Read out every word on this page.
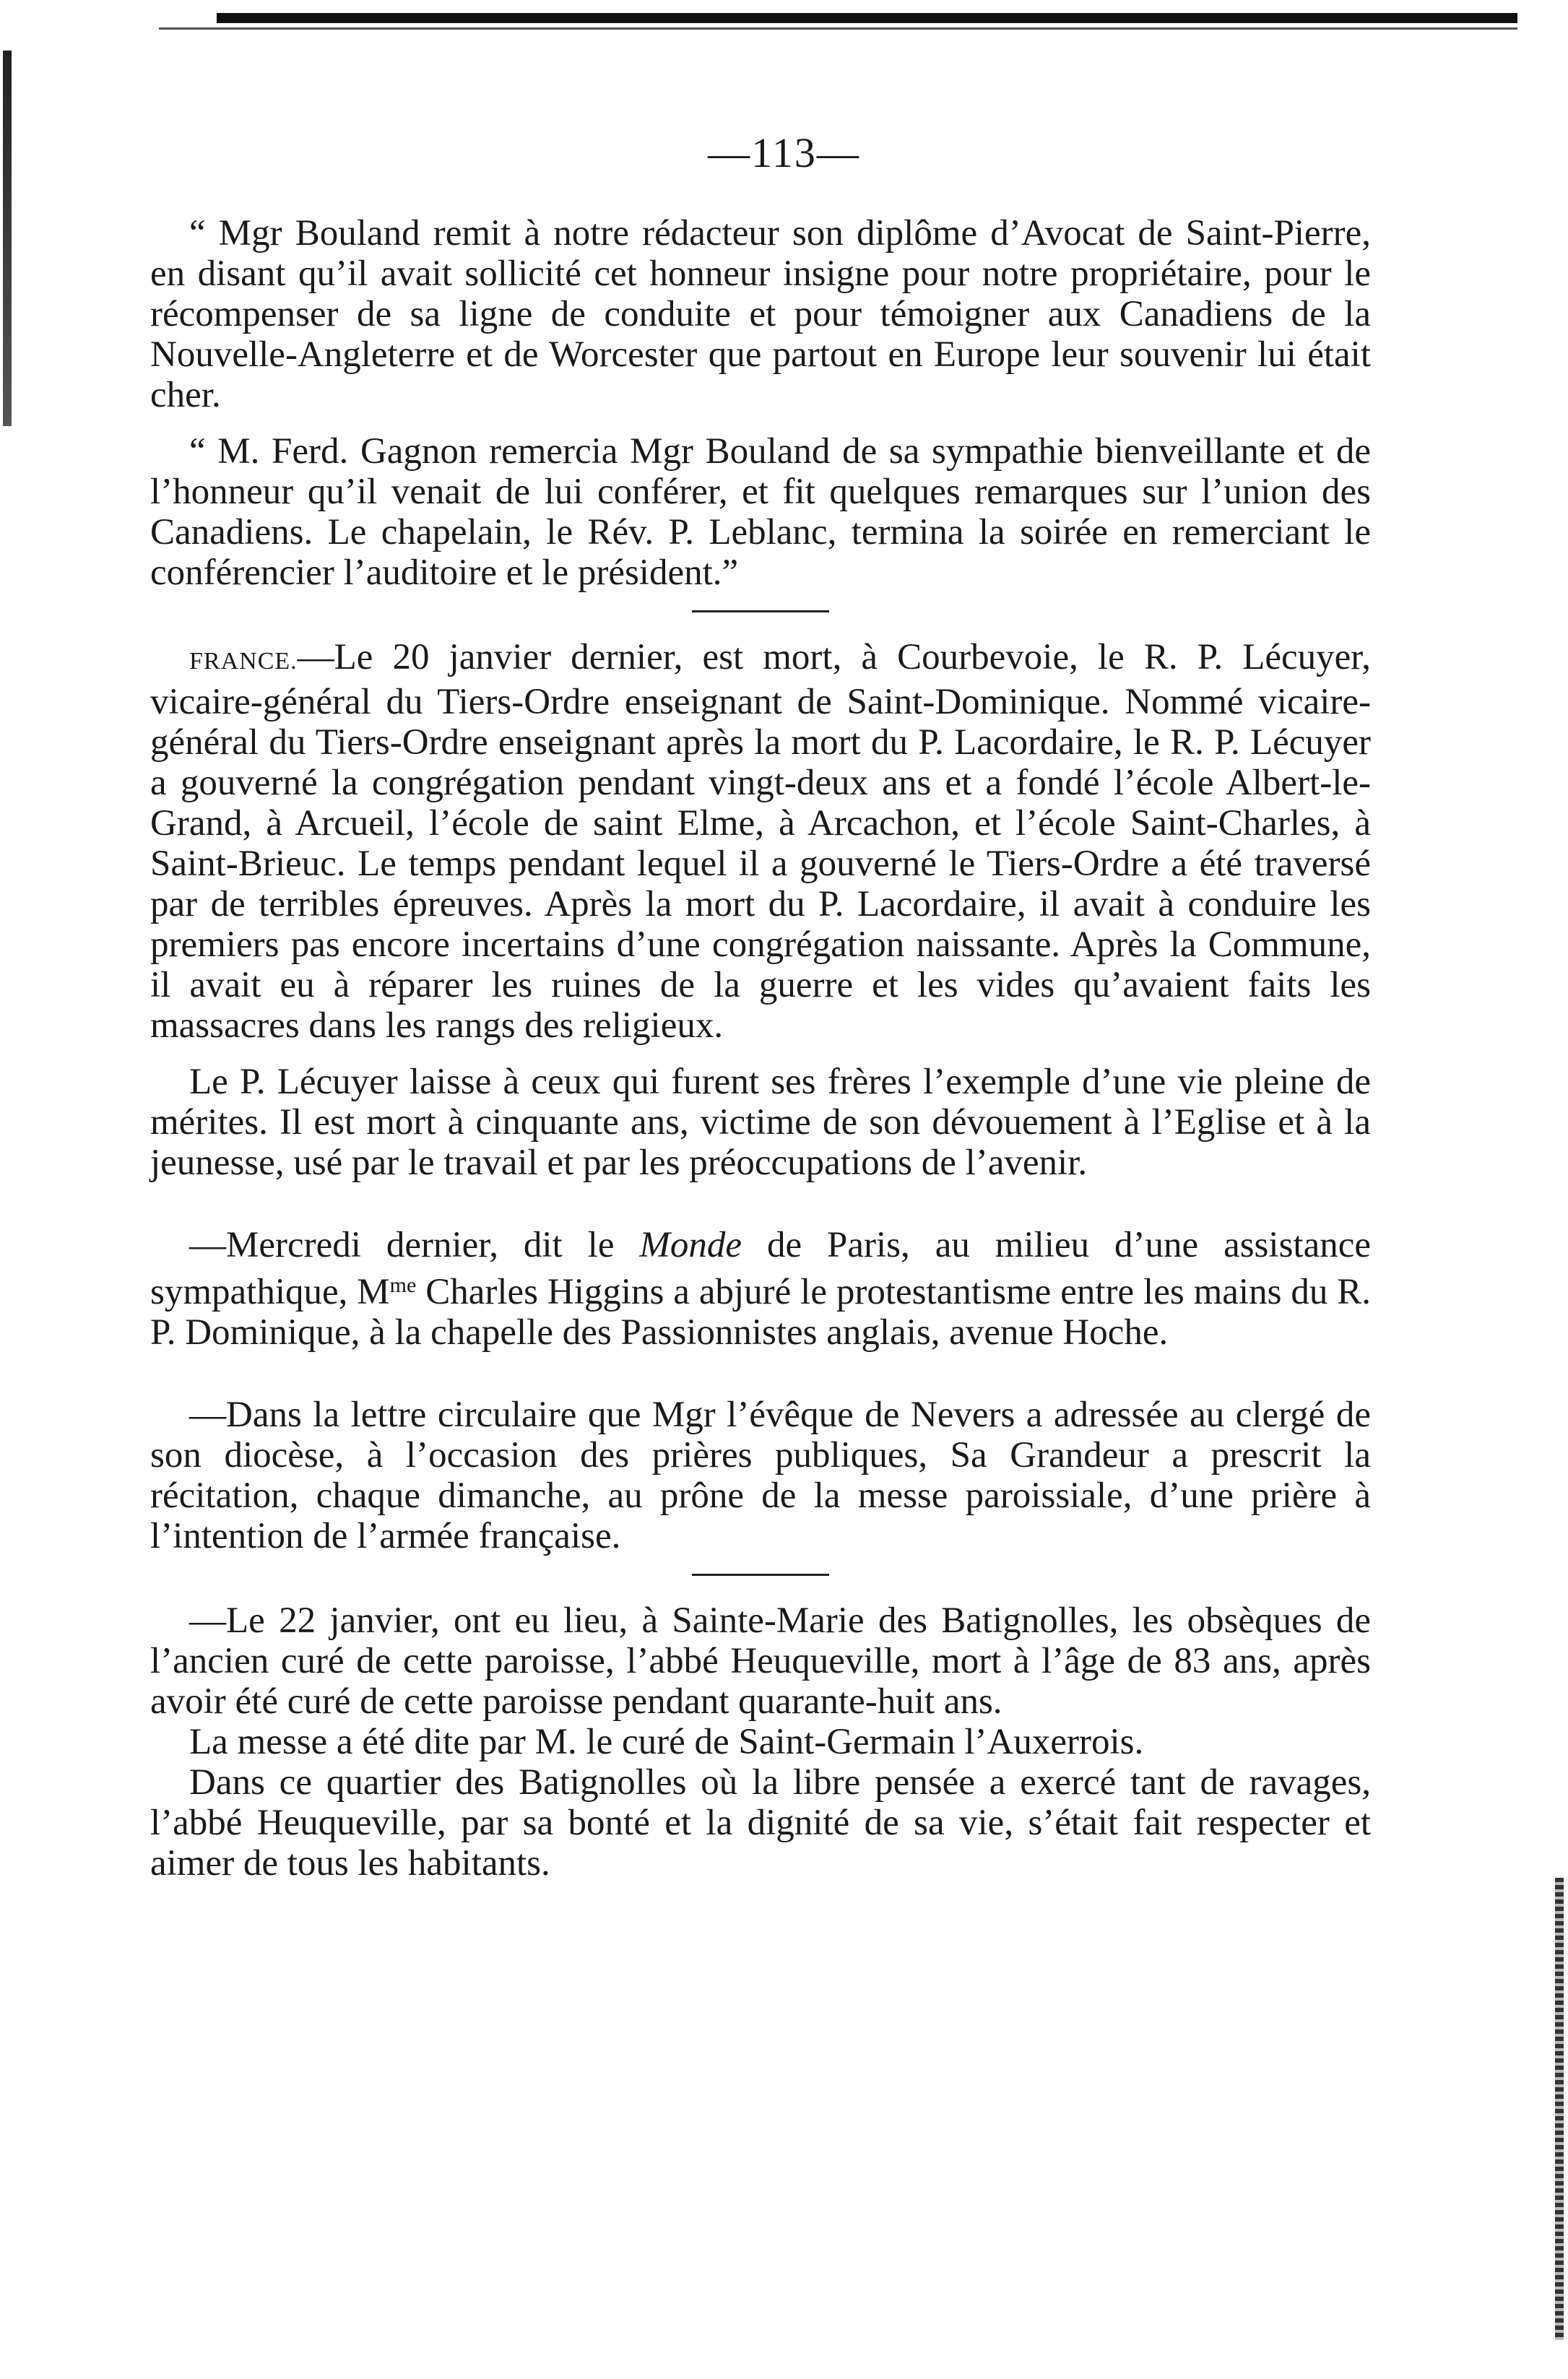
—113—

“ Mgr Bouland remit à notre rédacteur son diplôme d’Avocat de Saint-Pierre, en disant qu’il avait sollicité cet honneur insigne pour notre propriétaire, pour le récompenser de sa ligne de conduite et pour témoigner aux Canadiens de la Nouvelle-Angleterre et de Worcester que partout en Europe leur souvenir lui était cher.

“ M. Ferd. Gagnon remercia Mgr Bouland de sa sympathie bienveillante et de l’honneur qu’il venait de lui conférer, et fit quelques remarques sur l’union des Canadiens. Le chapelain, le Rév. P. Leblanc, termina la soirée en remerciant le conférencier l’auditoire et le président.”

FRANCE.—Le 20 janvier dernier, est mort, à Courbevoie, le R. P. Lécuyer, vicaire-général du Tiers-Ordre enseignant de Saint-Dominique. Nommé vicaire-général du Tiers-Ordre enseignant après la mort du P. Lacordaire, le R. P. Lécuyer a gouverné la congrégation pendant vingt-deux ans et a fondé l’école Albert-le-Grand, à Arcueil, l’école de saint Elme, à Arcachon, et l’école Saint-Charles, à Saint-Brieuc. Le temps pendant lequel il a gouverné le Tiers-Ordre a été traversé par de terribles épreuves. Après la mort du P. Lacordaire, il avait à conduire les premiers pas encore incertains d’une congrégation naissante. Après la Commune, il avait eu à réparer les ruines de la guerre et les vides qu’avaient faits les massacres dans les rangs des religieux.

Le P. Lécuyer laisse à ceux qui furent ses frères l’exemple d’une vie pleine de mérites. Il est mort à cinquante ans, victime de son dévouement à l’Eglise et à la jeunesse, usé par le travail et par les préoccupations de l’avenir.

—Mercredi dernier, dit le Monde de Paris, au milieu d’une assistance sympathique, $M^{me}$ Charles Higgins a abjuré le protestantisme entre les mains du R. P. Dominique, à la chapelle des Passionnistes anglais, avenue Hoche.

—Dans la lettre circulaire que Mgr l’évêque de Nevers a adressée au clergé de son diocèse, à l’occasion des prières publiques, Sa Grandeur a prescrit la récitation, chaque dimanche, au prône de la messe paroissiale, d’une prière à l’intention de l’armée française.

—Le 22 janvier, ont eu lieu, à Sainte-Marie des Batignolles, les obsèques de l’ancien curé de cette paroisse, l’abbé Heuqueville, mort à l’âge de 83 ans, après avoir été curé de cette paroisse pendant quarante-huit ans.

La messe a été dite par M. le curé de Saint-Germain l’Auxerrois.

Dans ce quartier des Batignolles où la libre pensée a exercé tant de ravages, l’abbé Heuqueville, par sa bonté et la dignité de sa vie, s’était fait respecter et aimer de tous les habitants.
